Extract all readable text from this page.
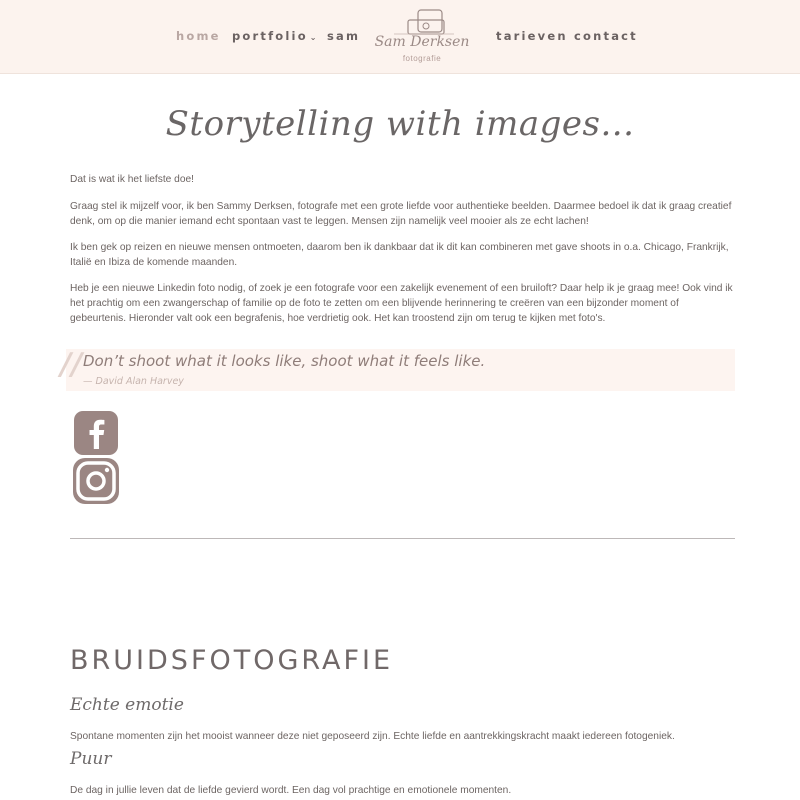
home portfolio ⌄ sam Sam Derksen
fotografie
tarieven contact
Storytelling with images...

Dat is wat ik het liefste doe!

Graag stel ik mijzelf voor, ik ben Sammy Derksen, fotografe met een grote liefde voor authentieke beelden. Daarmee bedoel ik dat ik graag creatief denk, om op die manier iemand echt spontaan vast te leggen. Mensen zijn namelijk veel mooier als ze echt lachen!

Ik ben gek op reizen en nieuwe mensen ontmoeten, daarom ben ik dankbaar dat ik dit kan combineren met gave shoots in o.a. Chicago, Frankrijk, Italië en Ibiza de komende maanden.

Heb je een nieuwe Linkedin foto nodig, of zoek je een fotografe voor een zakelijk evenement of een bruiloft? Daar help ik je graag mee! Ook vind ik het prachtig om een zwangerschap of familie op de foto te zetten om een blijvende herinnering te creëren van een bijzonder moment of gebeurtenis. Hieronder valt ook een begrafenis, hoe verdrietig ook. Het kan troostend zijn om terug te kijken met foto's.

// Don’t shoot what it looks like, shoot what it feels like.
— David Alan Harvey
BRUIDSFOTOGRAFIE
Echte emotie

Spontane momenten zijn het mooist wanneer deze niet geposeerd zijn. Echte liefde en aantrekkingskracht maakt iedereen fotogeniek.

Puur

De dag in jullie leven dat de liefde gevierd wordt. Een dag vol prachtige en emotionele momenten.
